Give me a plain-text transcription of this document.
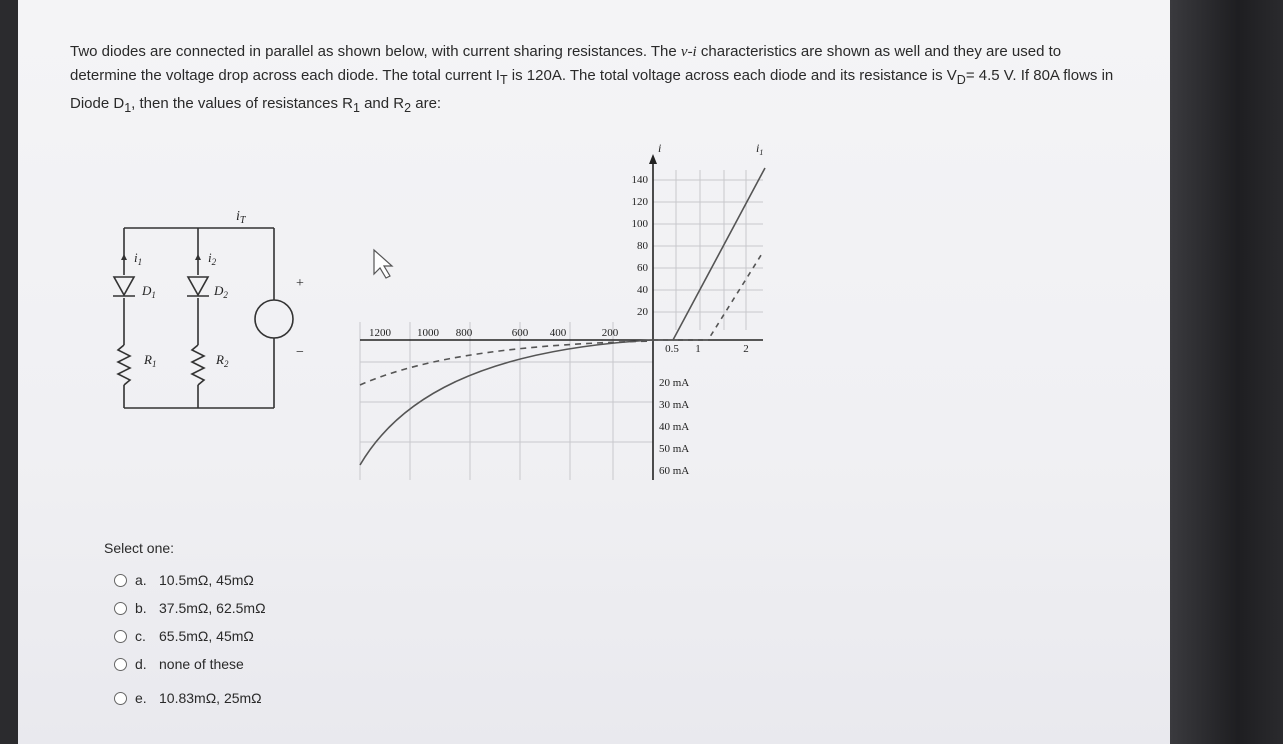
Two diodes are connected in parallel as shown below, with current sharing resistances. The v-i characteristics are shown as well and they are used to determine the voltage drop across each diode. The total current $I_T$ is 120A. The total voltage across each diode and its resistance is $V_D= 4.5$ V. If 80A flows in Diode $D_1$, then the values of resistances $R_1$ and $R_2$ are:
$i_T$
$i_1$	$i_2$
$D_1$	$D_2$
$R_1$	$R_2$
+
−
i	$i_1$
140
120
100
80
60
40
20
1200 1000 800	600 400	200
0.5 1	2
20 mA
30 mA
40 mA
50 mA
60 mA
Select one:
a. 10.5mΩ, 45mΩ
b. 37.5mΩ, 62.5mΩ
c. 65.5mΩ, 45mΩ
d. none of these
e. 10.83mΩ, 25mΩ
